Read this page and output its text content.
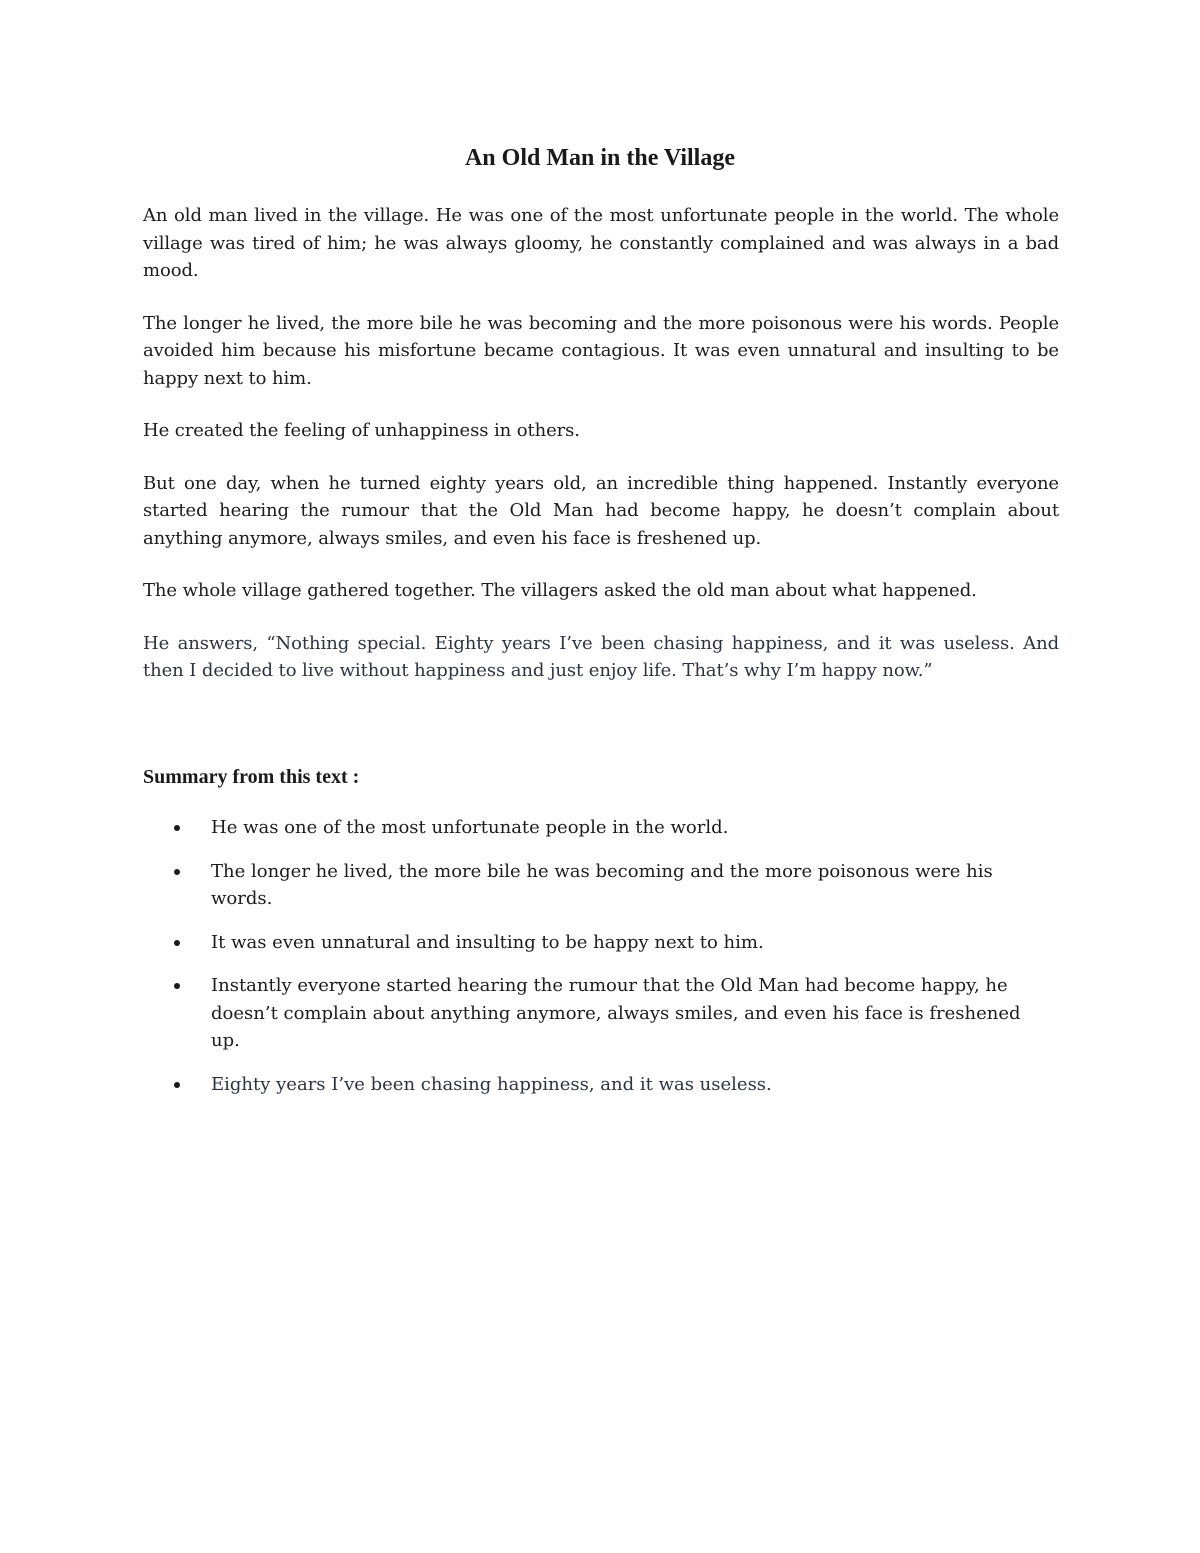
An Old Man in the Village

An old man lived in the village. He was one of the most unfortunate people in the world. The whole village was tired of him; he was always gloomy, he constantly complained and was always in a bad mood.

The longer he lived, the more bile he was becoming and the more poisonous were his words. People avoided him because his misfortune became contagious. It was even unnatural and insulting to be happy next to him.

He created the feeling of unhappiness in others.

But one day, when he turned eighty years old, an incredible thing happened. Instantly everyone started hearing the rumour that the Old Man had become happy, he doesn’t complain about anything anymore, always smiles, and even his face is freshened up.

The whole village gathered together. The villagers asked the old man about what happened.

He answers, “Nothing special. Eighty years I’ve been chasing happiness, and it was useless. And then I decided to live without happiness and just enjoy life. That’s why I’m happy now.”

Summary from this text :
He was one of the most unfortunate people in the world.
The longer he lived, the more bile he was becoming and the more poisonous were his words.
It was even unnatural and insulting to be happy next to him.
Instantly everyone started hearing the rumour that the Old Man had become happy, he doesn’t complain about anything anymore, always smiles, and even his face is freshened up.
Eighty years I’ve been chasing happiness, and it was useless.
